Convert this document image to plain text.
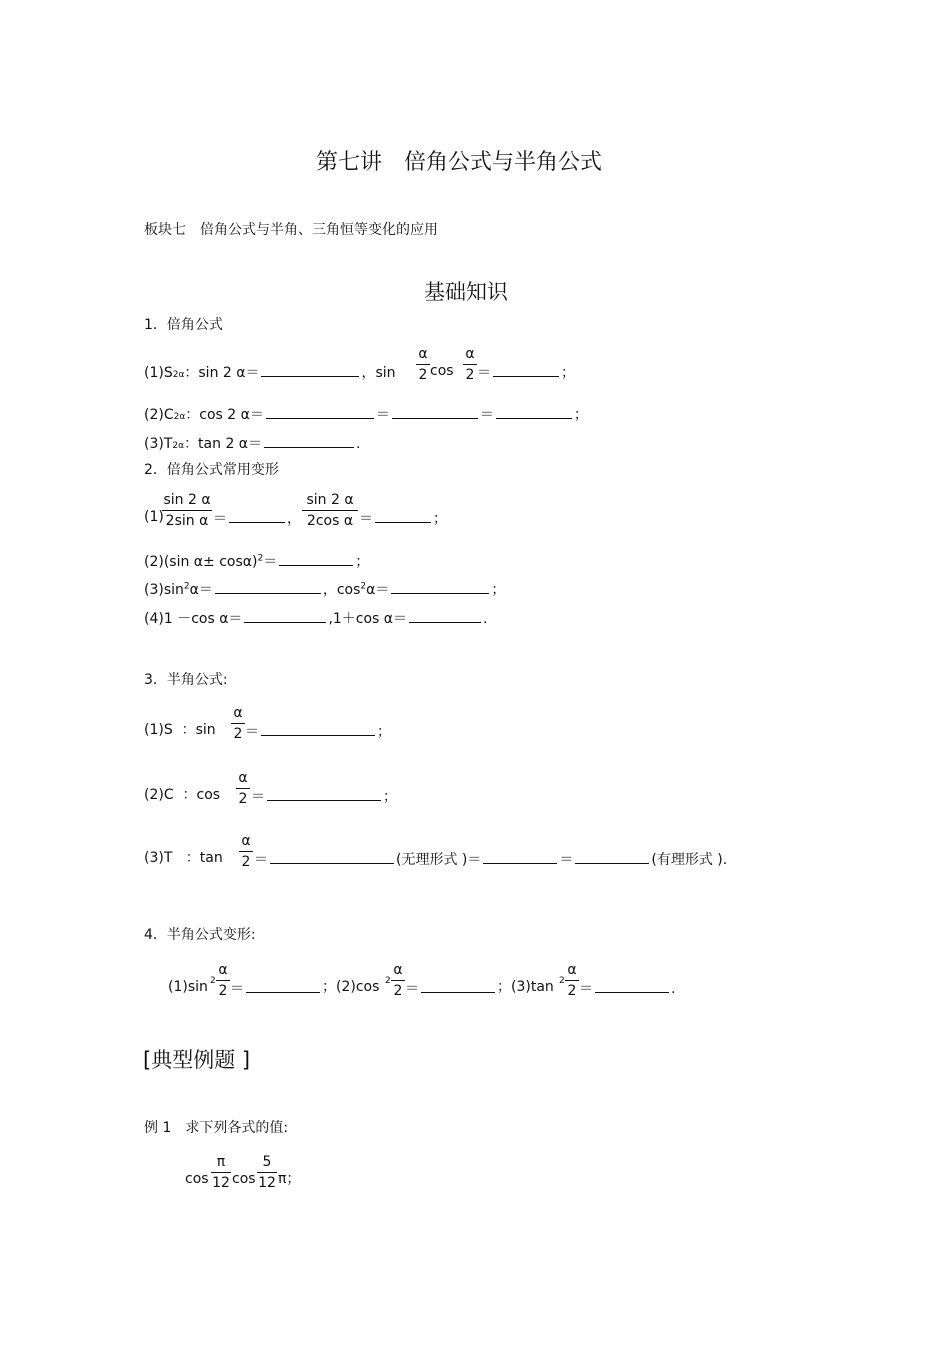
第七讲　倍角公式与半角公式
板块七　倍角公式与半角、三角恒等变化的应用
基础知识
1．倍角公式
(1)S2α：sin 2 α＝	，sin
α
2 cos
α
2 ＝	；
(2)C2α：cos 2 α＝	＝	＝	；
(3)T2α：tan 2 α＝	.
2．倍角公式常用变形
(1)
sin 2 α
2sin α ＝	，
sin 2 α
2cos α ＝	；
(2)(sin α± cosα)$^2$＝	；
$(3)\sin^2\alpha=$	，$\cos^2\alpha=$	；
(4)1 －cos α＝	,1＋cos α＝	.
3．半角公式:
(1)S ：sin
α
2 ＝	；
(2)C ：cos
α
2 ＝	；
(3)T ：tan
α
2 ＝	(无理形式 )＝	＝	(有理形式 ).
4．半角公式变形:
(1)sin 2
α
2 ＝	；(2)cos 2
α
2 ＝	；(3)tan 2
α
2 ＝	.
[典型例题 ]
例 1　求下列各式的值:
cos
π
12 cos
5
12 π；
